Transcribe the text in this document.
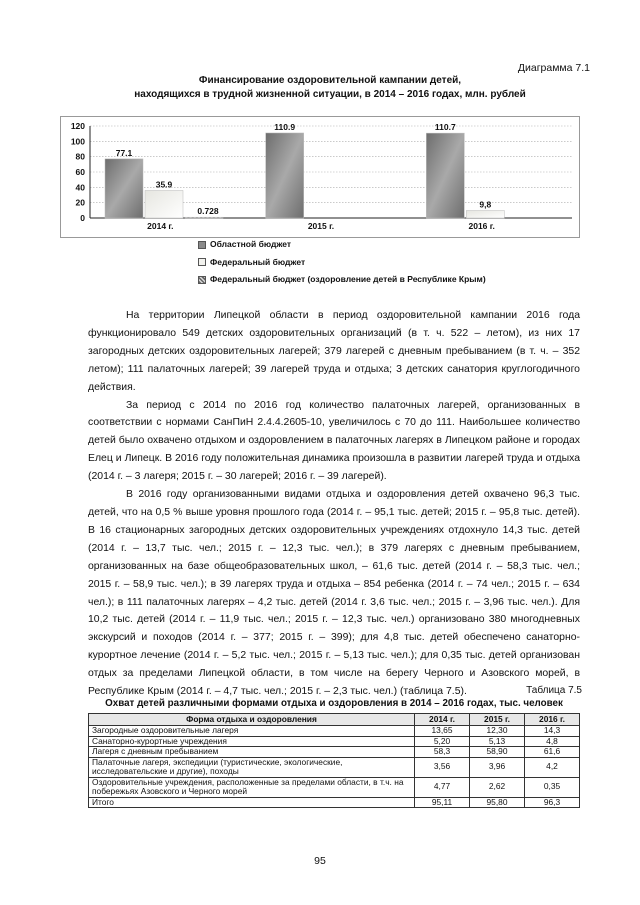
Диаграмма 7.1
Финансирование оздоровительной кампании детей,
находящихся в трудной жизненной ситуации, в 2014 – 2016 годах, млн. рублей
0
20
40
60
80
100
120
77.1
35.9
0.728
2014 г.
110.9
2015 г.
110.7
9,8
2016 г.
Областной бюджет
Федеральный бюджет
Федеральный бюджет (оздоровление детей в Республике Крым)

На территории Липецкой области в период оздоровительной кампании 2016 года функционировало 549 детских оздоровительных организаций (в т. ч. 522 – летом), из них 17 загородных детских оздоровительных лагерей; 379 лагерей с дневным пребыванием (в т. ч. – 352 летом); 111 палаточных лагерей; 39 лагерей труда и отдыха; 3 детских санатория круглогодичного действия.

За период с 2014 по 2016 год количество палаточных лагерей, организованных в соответствии с нормами СанПиН 2.4.4.2605-10, увеличилось с 70 до 111. Наибольшее количество детей было охвачено отдыхом и оздоровлением в палаточных лагерях в Липецком районе и городах Елец и Липецк. В 2016 году положительная динамика произошла в развитии лагерей труда и отдыха (2014 г. – 3 лагеря; 2015 г. – 30 лагерей; 2016 г. – 39 лагерей).

В 2016 году организованными видами отдыха и оздоровления детей охвачено 96,3 тыс. детей, что на 0,5 % выше уровня прошлого года (2014 г. – 95,1 тыс. детей; 2015 г. – 95,8 тыс. детей). В 16 стационарных загородных детских оздоровительных учреждениях отдохнуло 14,3 тыс. детей (2014 г. – 13,7 тыс. чел.; 2015 г. – 12,3 тыс. чел.); в 379 лагерях с дневным пребыванием, организованных на базе общеобразовательных школ, – 61,6 тыс. детей (2014 г. – 58,3 тыс. чел.; 2015 г. – 58,9 тыс. чел.); в 39 лагерях труда и отдыха – 854 ребенка (2014 г. – 74 чел.; 2015 г. – 634 чел.); в 111 палаточных лагерях – 4,2 тыс. детей (2014 г. 3,6 тыс. чел.; 2015 г. – 3,96 тыс. чел.). Для 10,2 тыс. детей (2014 г. – 11,9 тыс. чел.; 2015 г. – 12,3 тыс. чел.) организовано 380 многодневных экскурсий и походов (2014 г. – 377; 2015 г. – 399); для 4,8 тыс. детей обеспечено санаторно-курортное лечение (2014 г. – 5,2 тыс. чел.; 2015 г. – 5,13 тыс. чел.); для 0,35 тыс. детей организован отдых за пределами Липецкой области, в том числе на берегу Черного и Азовского морей, в Республике Крым (2014 г. – 4,7 тыс. чел.; 2015 г. – 2,3 тыс. чел.) (таблица 7.5).	Таблица 7.5
Охват детей различными формами отдыха и оздоровления в 2014 – 2016 годах, тыс. человек
Форма отдыха и оздоровления	2014 г.	2015 г.	2016 г.
Загородные оздоровительные лагеря	13,65	12,30	14,3
Санаторно-курортные учреждения	5,20	5,13	4,8
Лагеря с дневным пребыванием	58,3	58,90	61,6
Палаточные лагеря, экспедиции (туристические, экологические, исследовательские и другие), походы	3,56	3,96	4,2
Оздоровительные учреждения, расположенные за пределами области, в т.ч. на побережьях Азовского и Черного морей	4,77	2,62	0,35
Итого	95,11	95,80	96,3
95
